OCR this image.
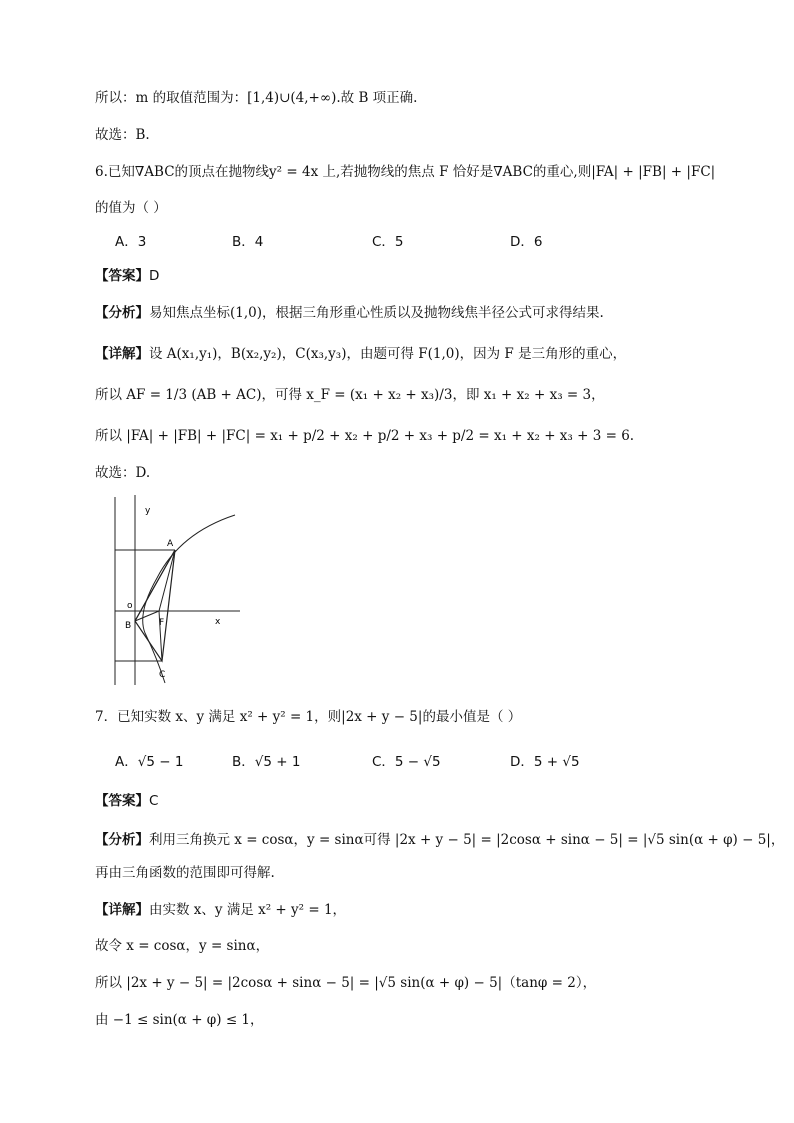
所以：m 的取值范围为：[1,4)∪(4,+∞).故 B 项正确.
故选：B.
6.已知∇ABC的顶点在抛物线y² = 4x 上,若抛物线的焦点 F 恰好是∇ABC的重心,则|FA| + |FB| + |FC|
的值为（ ）
A．3	B．4	C．5	D．6
【答案】D
【分析】易知焦点坐标(1,0)，根据三角形重心性质以及抛物线焦半径公式可求得结果.
【详解】设 A(x₁,y₁)，B(x₂,y₂)，C(x₃,y₃)，由题可得 F(1,0)，因为 F 是三角形的重心，
所以 AF = 1/3 (AB + AC)，可得 x_F = (x₁ + x₂ + x₃)/3，即 x₁ + x₂ + x₃ = 3，
所以 |FA| + |FB| + |FC| = x₁ + p/2 + x₂ + p/2 + x₃ + p/2 = x₁ + x₂ + x₃ + 3 = 6.
故选：D.
y
x
o
A
B
C
F
7．已知实数 x、y 满足 x² + y² = 1，则|2x + y − 5|的最小值是（ ）
A．√5 − 1	B．√5 + 1	C．5 − √5	D．5 + √5
【答案】C
【分析】利用三角换元 x = cosα，y = sinα可得 |2x + y − 5| = |2cosα + sinα − 5| = |√5 sin(α + φ) − 5|，
再由三角函数的范围即可得解.
【详解】由实数 x、y 满足 x² + y² = 1，
故令 x = cosα，y = sinα，
所以 |2x + y − 5| = |2cosα + sinα − 5| = |√5 sin(α + φ) − 5|（tanφ = 2），
由 −1 ≤ sin(α + φ) ≤ 1，
